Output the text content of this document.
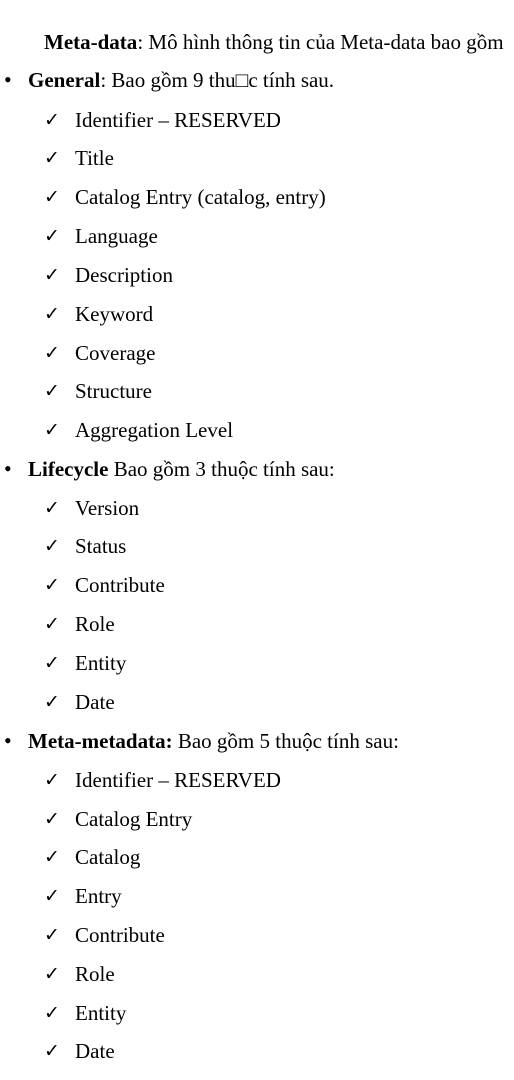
Meta-data: Mô hình thông tin của Meta-data bao gồm
• General: Bao gồm 9 thu□c tính sau.
✓ Identifier – RESERVED
✓ Title
✓ Catalog Entry (catalog, entry)
✓ Language
✓ Description
✓ Keyword
✓ Coverage
✓ Structure
✓ Aggregation Level
• Lifecycle Bao gồm 3 thuộc tính sau:
✓ Version
✓ Status
✓ Contribute
✓ Role
✓ Entity
✓ Date
• Meta-metadata: Bao gồm 5 thuộc tính sau:
✓ Identifier – RESERVED
✓ Catalog Entry
✓ Catalog
✓ Entry
✓ Contribute
✓ Role
✓ Entity
✓ Date
